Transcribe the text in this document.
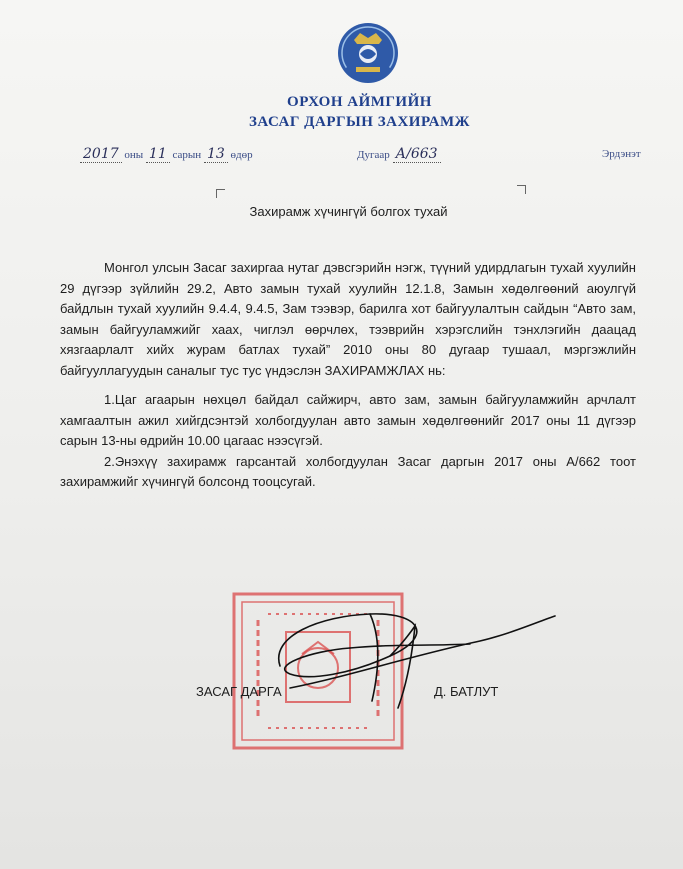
ОРХОН АЙМГИЙН
ЗАСАГ ДАРГЫН ЗАХИРАМЖ
2017 оны 11 сарын 13 өдөр	Дугаар А/663	Эрдэнэт
Захирамж хүчингүй болгох тухай

Монгол улсын Засаг захиргаа нутаг дэвсгэрийн нэгж, түүний удирдлагын тухай хуулийн 29 дүгээр зүйлийн 29.2, Авто замын тухай хуулийн 12.1.8, Замын хөдөлгөөний аюулгүй байдлын тухай хуулийн 9.4.4, 9.4.5, Зам тээвэр, барилга хот байгуулалтын сайдын “Авто зам, замын байгууламжийг хаах, чиглэл өөрчлөх, тээврийн хэрэгслийн тэнхлэгийн даацад хязгаарлалт хийх журам батлах тухай” 2010 оны 80 дугаар тушаал, мэргэжлийн байгууллагуудын саналыг тус тус үндэслэн ЗАХИРАМЖЛАХ нь:

1.Цаг агаарын нөхцөл байдал сайжирч, авто зам, замын байгууламжийн арчлалт хамгаалтын ажил хийгдсэнтэй холбогдуулан авто замын хөдөлгөөнийг 2017 оны 11 дүгээр сарын 13-ны өдрийн 10.00 цагаас нээсүгэй.

2.Энэхүү захирамж гарсантай холбогдуулан Засаг даргын 2017 оны А/662 тоот захирамжийг хүчингүй болсонд тооцсугай.

ЗАСАГ ДАРГА	Д. БАТЛУТ
